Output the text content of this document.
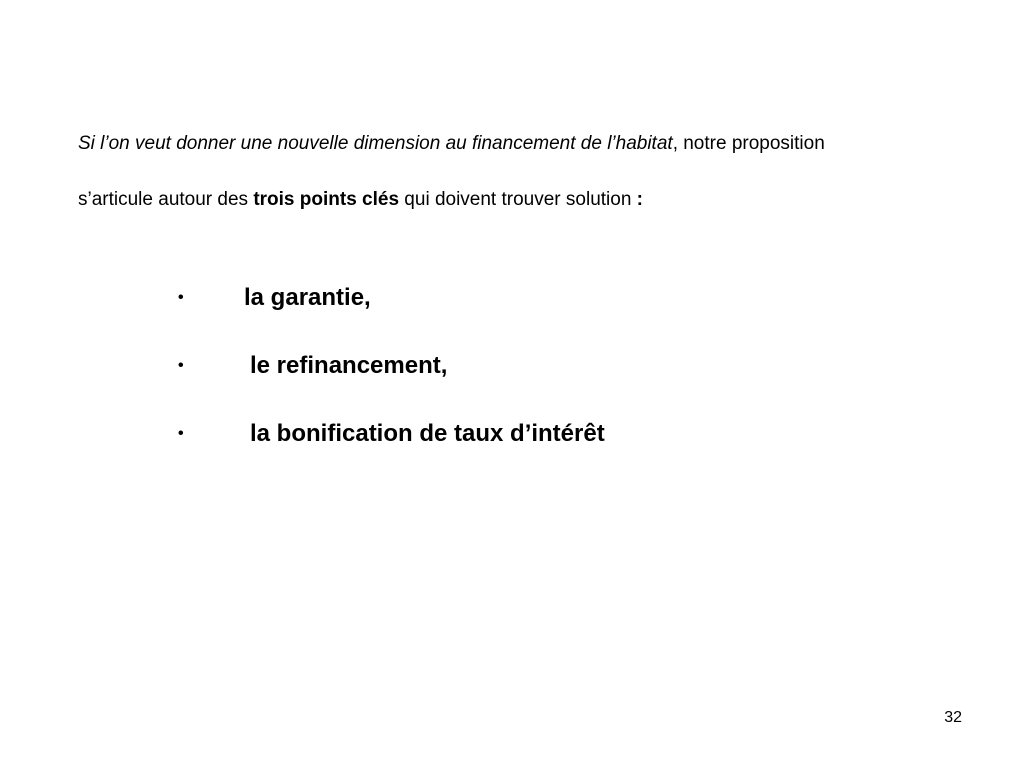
Si l’on veut donner une nouvelle dimension au financement de l’habitat, notre proposition
s’articule autour des trois points clés qui doivent trouver solution :
•	la garantie,
•	le refinancement,
•	la bonification de taux d’intérêt
32
